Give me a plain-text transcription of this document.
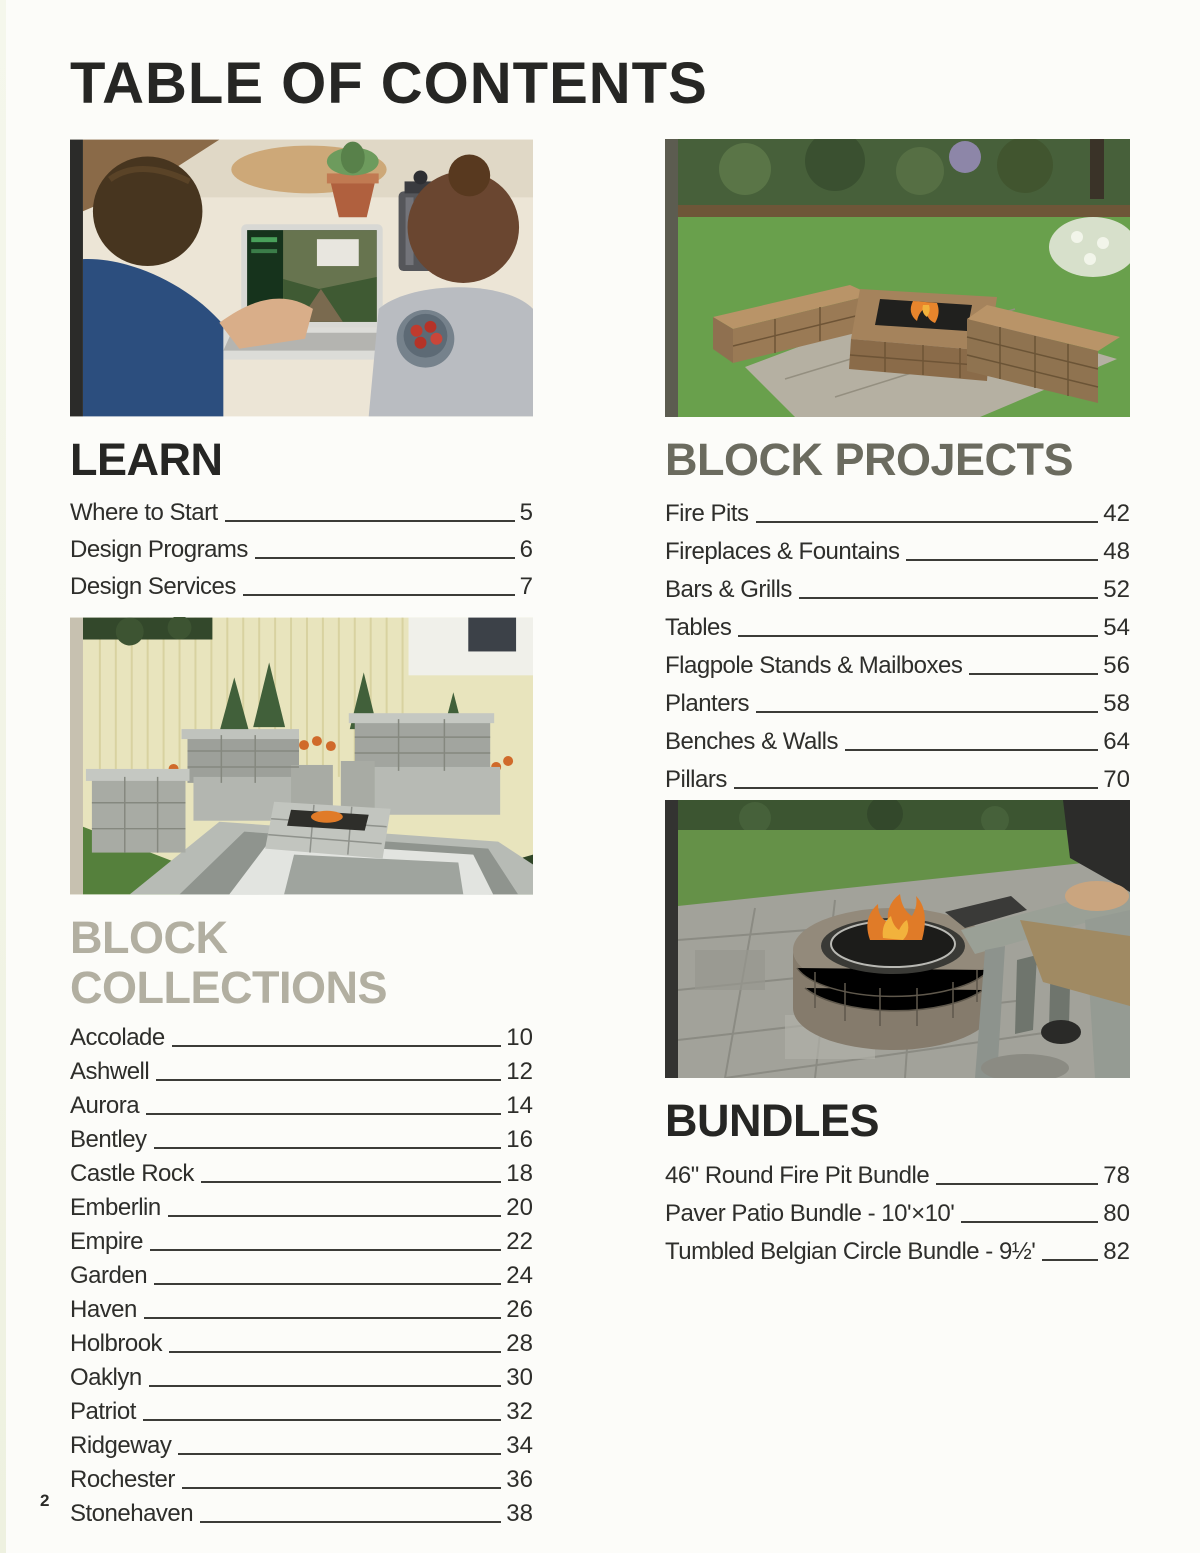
TABLE OF CONTENTS
LEARN
Where to Start	5
Design Programs	6
Design Services	7
BLOCK COLLECTIONS
Accolade	10
Ashwell	12
Aurora	14
Bentley	16
Castle Rock	18
Emberlin	20
Empire	22
Garden	24
Haven	26
Holbrook	28
Oaklyn	30
Patriot	32
Ridgeway	34
Rochester	36
Stonehaven	38
BLOCK PROJECTS
Fire Pits	42
Fireplaces & Fountains	48
Bars & Grills	52
Tables	54
Flagpole Stands & Mailboxes	56
Planters	58
Benches & Walls	64
Pillars	70
BUNDLES
46" Round Fire Pit Bundle	78
Paver Patio Bundle - 10'×10'	80
Tumbled Belgian Circle Bundle - 9½'	82
2
